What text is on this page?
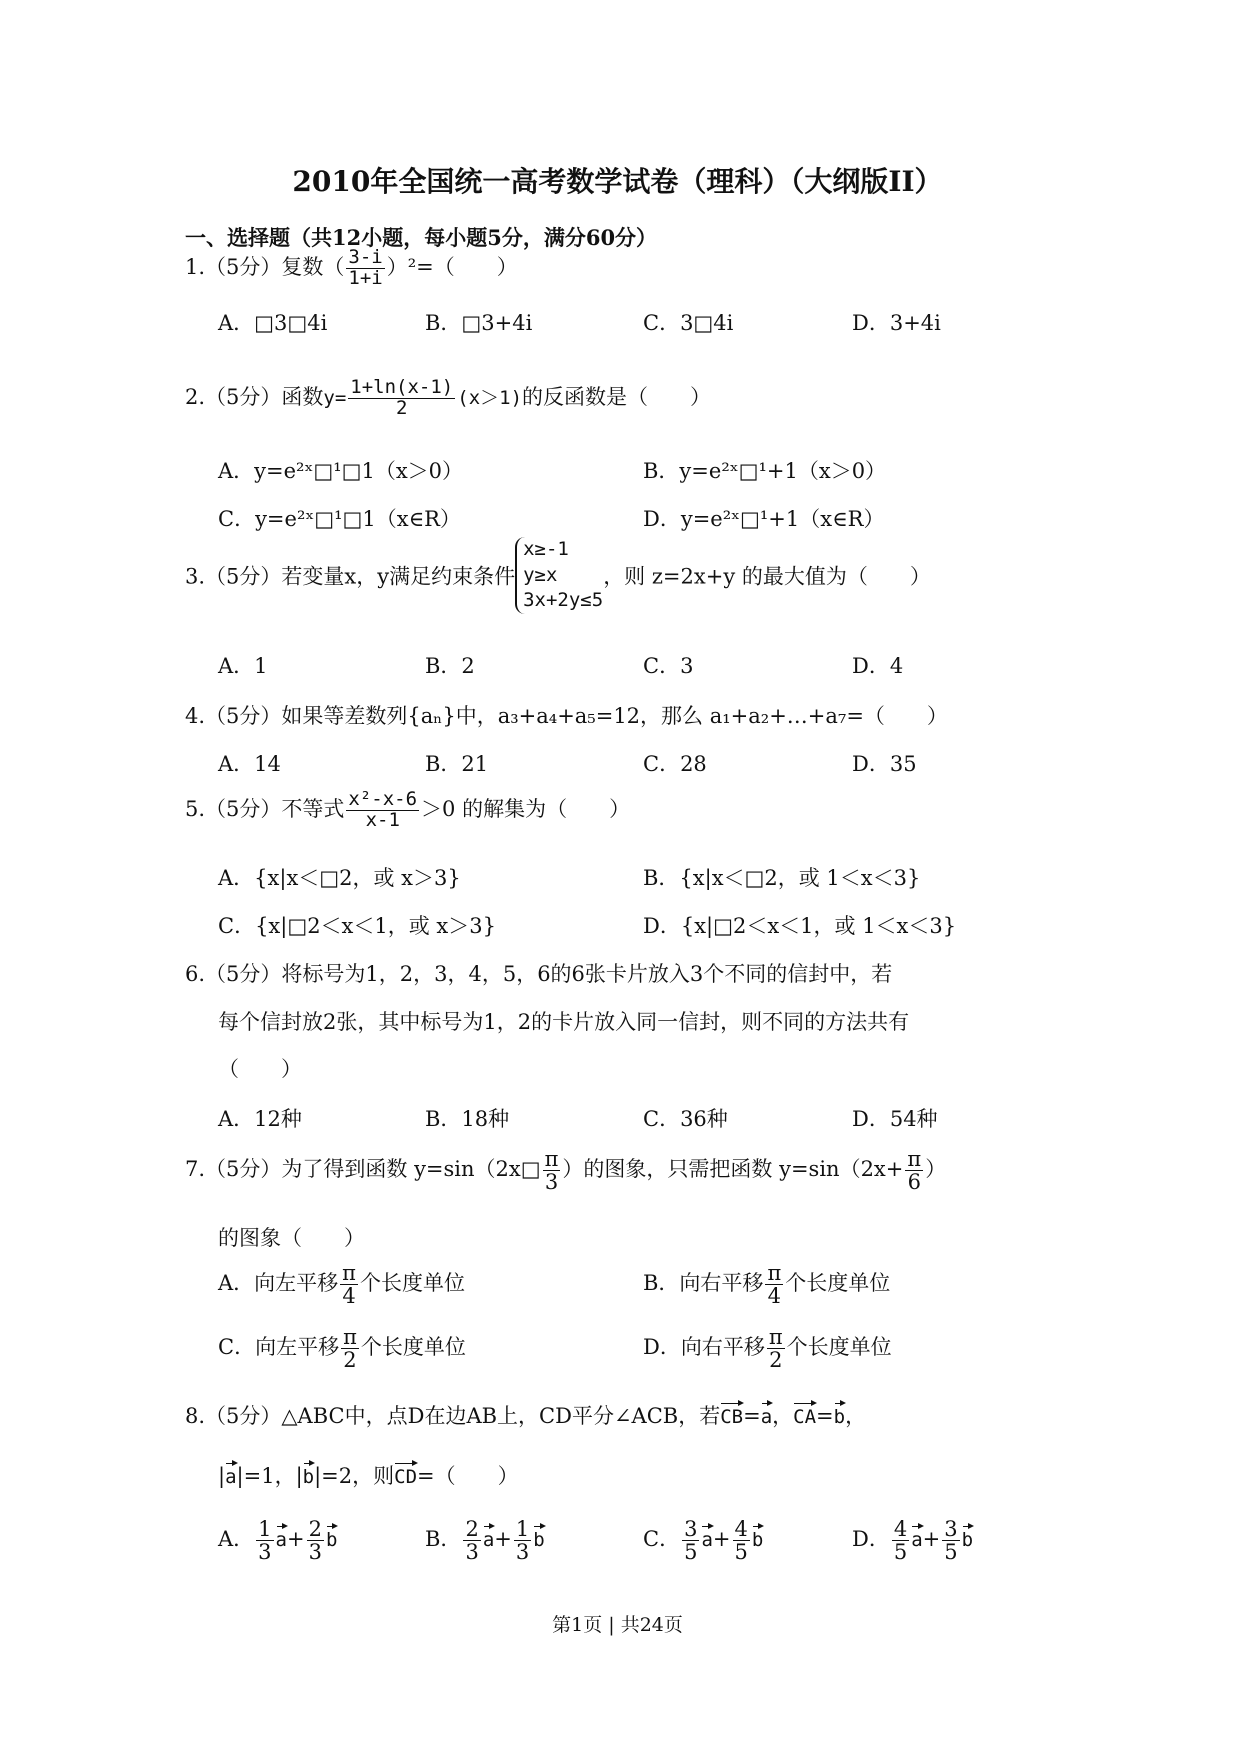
2010年全国统一高考数学试卷（理科）（大纲版II）
一、选择题（共12小题，每小题5分，满分60分）
1.（5分）复数（ $\frac{3-i}{1+i} )^2=$（　　）
A．□3□4i	B．□3+4i	C．3□4i	D．3+4i
2.（5分）函数$y= \frac{1+\ln(x-1)}{2} (x>1)$的反函数是（　　）
A．y=e²ˣ□¹□1（x＞0）	B．y=e²ˣ□¹+1（x＞0）
C．y=e²ˣ□¹□1（x∈R）	D．y=e²ˣ□¹+1（x∈R）
3.（5分）若变量x，y满足约束条件
x≥-1
y≥x
3x+2y≤5
，则 z=2x+y 的最大值为（　　）
A．1	B．2	C．3	D．4
4.（5分）如果等差数列{aₙ}中，a₃+a₄+a₅=12，那么 a₁+a₂+…+a₇=（　　）
A．14	B．21	C．28	D．35
5.（5分）不等式 $\frac{\text{x²-x-6}}{x-1} >0$ 的解集为（　　）
A．{x|x＜□2，或 x＞3}	B．{x|x＜□2，或 1＜x＜3}
C．{x|□2＜x＜1，或 x＞3}	D．{x|□2＜x＜1，或 1＜x＜3}
6.（5分）将标号为1，2，3，4，5，6的6张卡片放入3个不同的信封中，若
每个信封放2张，其中标号为1，2的卡片放入同一信封，则不同的方法共有
（　　）
A．12种	B．18种	C．36种	D．54种
7.（5分）为了得到函数 y=sin（2x□ $\frac{\pi}{3}$ ）的图象，只需把函数 $y=\sin(2x+ \frac{\pi}{6}$ ）
的图象（　　）
A．向左平移 $\frac{\pi}{4}$ 个长度单位	B．向右平移 $\frac{\pi}{4}$ 个长度单位
C．向左平移 $\frac{\pi}{2}$ 个长度单位	D．向右平移 $\frac{\pi}{2}$ 个长度单位
8.（5分）△ABC中，点D在边AB上，CD平分∠ACB，若CB=a，CA=b，
|a|=1，|b|=2，则CD=（　　）
A． $\frac{1}{3} a+ \frac{2}{3}$ b	B． $\frac{2}{3} a+ \frac{1}{3}$ b	C． $\frac{3}{5} a+ \frac{4}{5}$ b	D． $\frac{4}{5} a+ \frac{3}{5}$ b
第1页 | 共24页
